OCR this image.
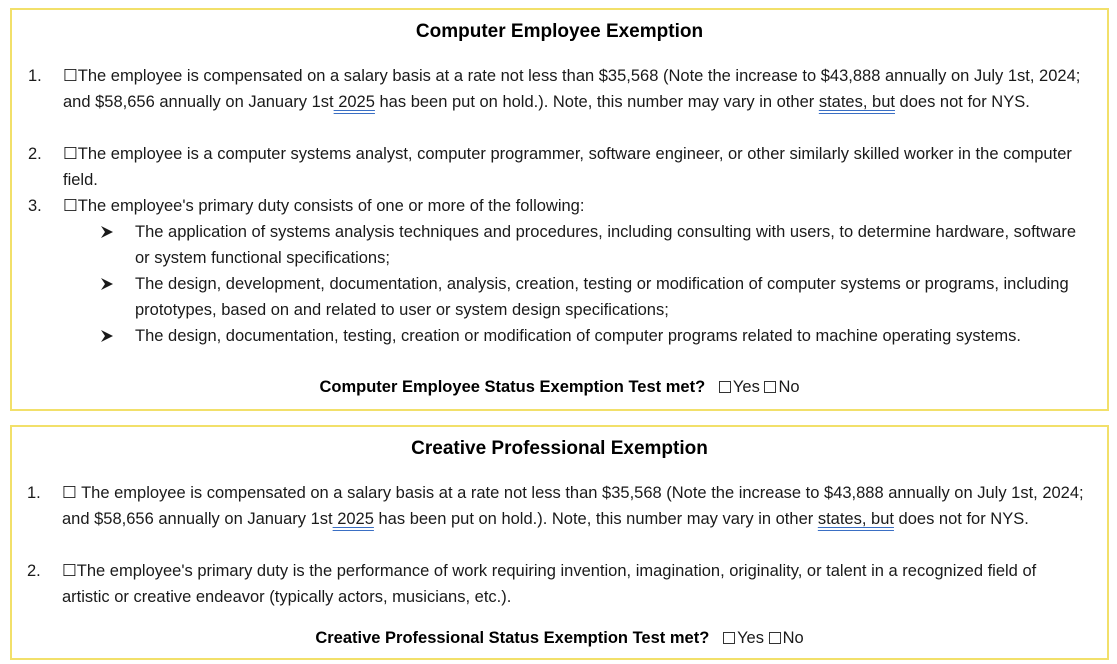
Computer Employee Exemption
1.	☐The employee is compensated on a salary basis at a rate not less than $35,568 (Note the increase to $43,888 annually on July 1st, 2024; and $58,656 annually on January 1st 2025 has been put on hold.). Note, this number may vary in other states, but does not for NYS.
2.	☐The employee is a computer systems analyst, computer programmer, software engineer, or other similarly skilled worker in the computer field.
3.	☐The employee's primary duty consists of one or more of the following:
The application of systems analysis techniques and procedures, including consulting with users, to determine hardware, software or system functional specifications;
The design, development, documentation, analysis, creation, testing or modification of computer systems or programs, including prototypes, based on and related to user or system design specifications;
The design, documentation, testing, creation or modification of computer programs related to machine operating systems.
Computer Employee Status Exemption Test met? Yes No
Creative Professional Exemption
1.	☐ The employee is compensated on a salary basis at a rate not less than $35,568 (Note the increase to $43,888 annually on July 1st, 2024; and $58,656 annually on January 1st 2025 has been put on hold.). Note, this number may vary in other states, but does not for NYS.
2.	☐The employee's primary duty is the performance of work requiring invention, imagination, originality, or talent in a recognized field of artistic or creative endeavor (typically actors, musicians, etc.).
Creative Professional Status Exemption Test met? Yes No
